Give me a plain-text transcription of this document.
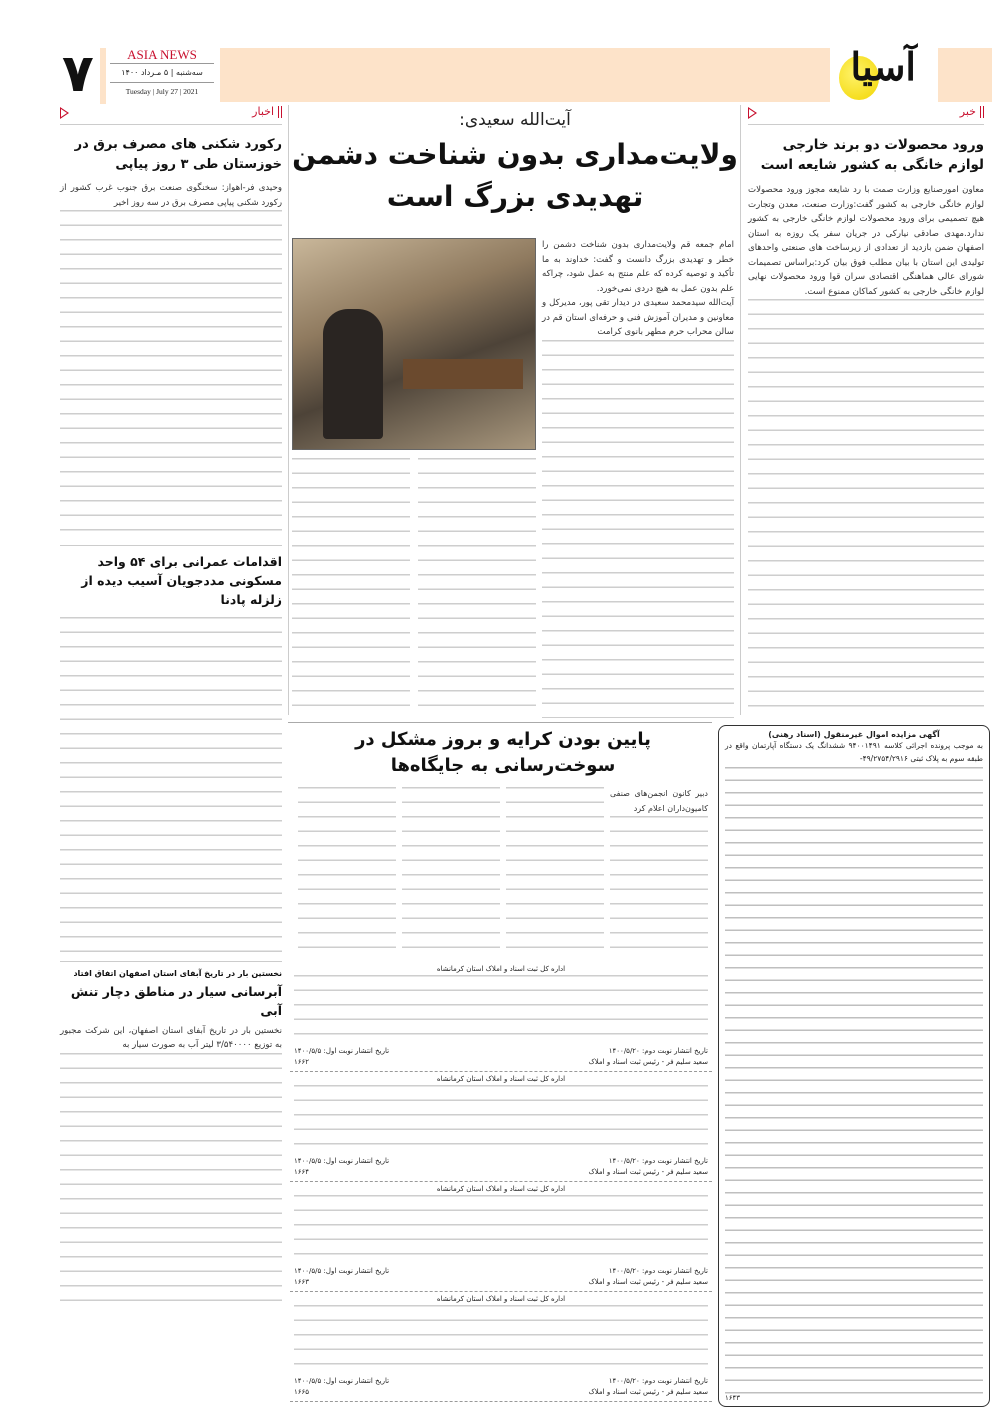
۷	ASIA NEWS
سه‌شنبه | ۵ مـرداد ۱۴۰۰
Tuesday | July 27 | 2021
آسیا
خبر
ورود محصولات دو برند خارجی لوازم خانگی به کشور شایعه است
معاون امورصنایع وزارت صمت با رد شایعه مجوز ورود محصولات لوازم خانگی خارجی به کشور گفت:وزارت صنعت، معدن وتجارت هیچ تصمیمی برای ورود محصولات لوازم خانگی خارجی به کشور ندارد.مهدی صادقی نیارکی در جریان سفر یک روزه به استان اصفهان ضمن بازدید از تعدادی از زیرساخت های صنعتی واحدهای تولیدی این استان با بیان مطلب فوق بیان کرد:براساس تصمیمات شورای عالی هماهنگی اقتصادی سران قوا ورود محصولات نهایی لوازم خانگی خارجی به کشور کماکان ممنوع است.
آیت‌الله سعیدی:
ولایت‌مداری بدون شناخت دشمن
تهدیدی بزرگ است

امام جمعه قم ولایت‌مداری بدون شناخت دشمن را خطر و تهدیدی بزرگ دانست و گفت: خداوند به ما تأکید و توصیه کرده که علم منتج به عمل شود، چراکه علم بدون عمل به هیچ دردی نمی‌خورد.

آیت‌الله سیدمحمد سعیدی در دیدار تقی پور، مدیرکل و معاونین و مدیران آموزش فنی و حرفه‌ای استان قم در سالن محراب حرم مطهر بانوی کرامت

اخبار
رکورد شکنی های مصرف برق در خوزستان طی ۳ روز پیاپی
وحیدی فر-اهواز: سخنگوی صنعت برق جنوب غرب کشور از رکورد شکنی پیاپی مصرف برق در سه روز اخیر
اقدامات عمرانی برای ۵۴ واحد مسکونی مددجویان آسیب دیده از زلزله پادنا
نخستین بار در تاریخ آبفای استان اصفهان اتفاق افتاد
آبرسانی سیار در مناطق دچار تنش آبی
نخستین بار در تاریخ آبفای استان اصفهان، این شرکت مجبور به توزیع ۳/۵۴۰۰۰۰ لیتر آب به صورت سیار به
پایین بودن کرایه و بروز مشکل در سوخت‌رسانی به جایگاه‌ها
دبیر کانون انجمن‌های صنفی کامیون‌داران اعلام کرد
آگهی مزایده اموال غیرمنقول (اسناد رهنی)
به موجب پرونده اجرائی کلاسه ۹۴۰۰۱۴۹۱ ششدانگ یک دستگاه آپارتمان واقع در طبقه سوم به پلاک ثبتی ۴۹/۲۷۵۴/۲۹۱۶-
۱۶۴۳
اداره کل ثبت اسناد و املاک استان کرمانشاه
تاریخ انتشار نوبت دوم: ۱۴۰۰/۵/۲۰
تاریخ انتشار نوبت اول: ۱۴۰۰/۵/۵
سعید سلیم فر - رئیس ثبت اسناد و املاک
۱۶۶۲
اداره کل ثبت اسناد و املاک استان کرمانشاه
تاریخ انتشار نوبت دوم: ۱۴۰۰/۵/۲۰
تاریخ انتشار نوبت اول: ۱۴۰۰/۵/۵
سعید سلیم فر - رئیس ثبت اسناد و املاک
۱۶۶۴
اداره کل ثبت اسناد و املاک استان کرمانشاه
تاریخ انتشار نوبت دوم: ۱۴۰۰/۵/۲۰
تاریخ انتشار نوبت اول: ۱۴۰۰/۵/۵
سعید سلیم فر - رئیس ثبت اسناد و املاک
۱۶۶۳
اداره کل ثبت اسناد و املاک استان کرمانشاه
تاریخ انتشار نوبت دوم: ۱۴۰۰/۵/۲۰
تاریخ انتشار نوبت اول: ۱۴۰۰/۵/۵
سعید سلیم فر - رئیس ثبت اسناد و املاک
۱۶۶۵
